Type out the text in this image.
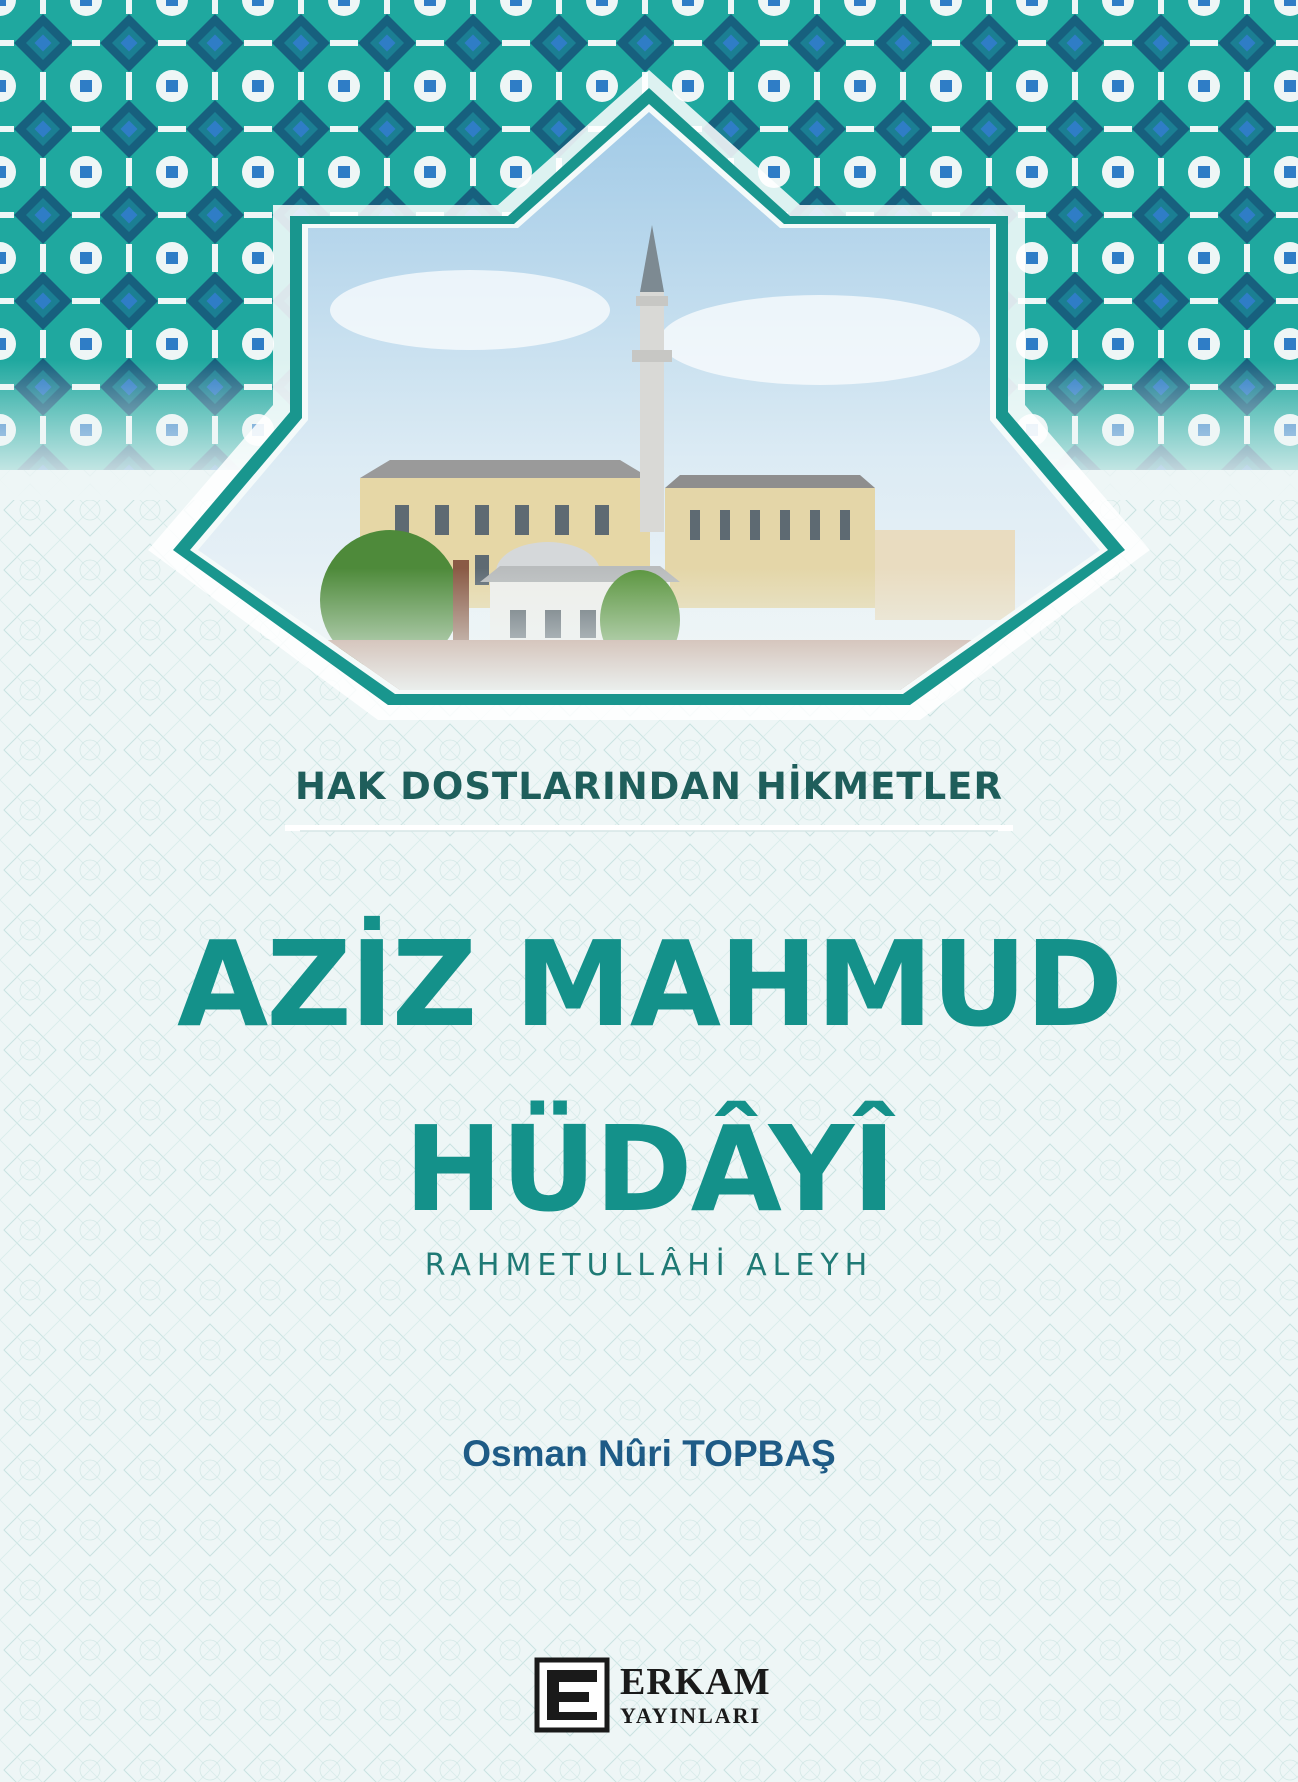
HAK DOSTLARINDAN HİKMETLER
AZİZ MAHMUD
HÜDÂYÎ
RAHMETULLÂHİ ALEYH
Osman Nûri TOPBAŞ
ERKAM
YAYINLARI
